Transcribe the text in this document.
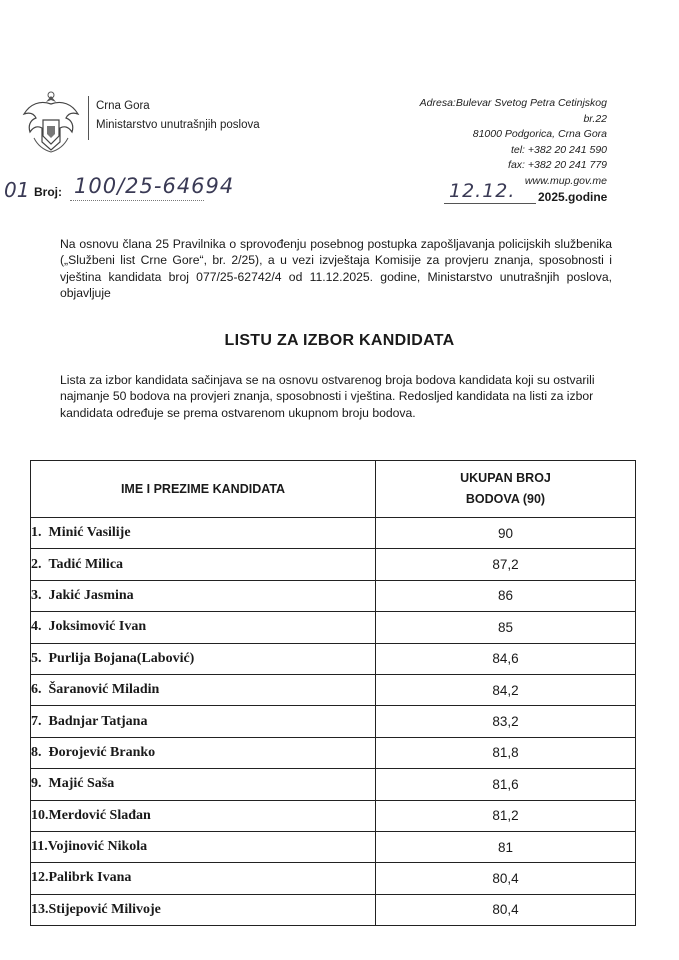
Crna Gora
Ministarstvo unutrašnjih poslova
Adresa:Bulevar Svetog Petra Cetinjskog
br.22
81000 Podgorica, Crna Gora
tel: +382 20 241 590
fax: +382 20 241 779
www.mup.gov.me
01 Broj: 100/25-64694	12.12. 2025.godine
Na osnovu člana 25 Pravilnika o sprovođenju posebnog postupka zapošljavanja policijskih službenika („Službeni list Crne Gore“, br. 2/25), a u vezi izvještaja Komisije za provjeru znanja, sposobnosti i vještina kandidata broj 077/25-62742/4 od 11.12.2025. godine, Ministarstvo unutrašnjih poslova, objavljuje
LISTU ZA IZBOR KANDIDATA
Lista za izbor kandidata sačinjava se na osnovu ostvarenog broja bodova kandidata koji su ostvarili najmanje 50 bodova na provjeri znanja, sposobnosti i vještina. Redosljed kandidata na listi za izbor kandidata određuje se prema ostvarenom ukupnom broju bodova.
IME I PREZIME KANDIDATA	UKUPAN BROJ
BODOVA (90)

1. Minić Vasilije	90
2. Tadić Milica	87,2
3. Jakić Jasmina	86
4. Joksimović Ivan	85
5. Purlija Bojana(Labović)	84,6
6. Šaranović Miladin	84,2
7. Badnjar Tatjana	83,2
8. Đorojević Branko	81,8
9. Majić Saša	81,6
10.Merdović Slađan	81,2
11.Vojinović Nikola	81
12.Palibrk Ivana	80,4
13.Stijepović Milivoje	80,4
